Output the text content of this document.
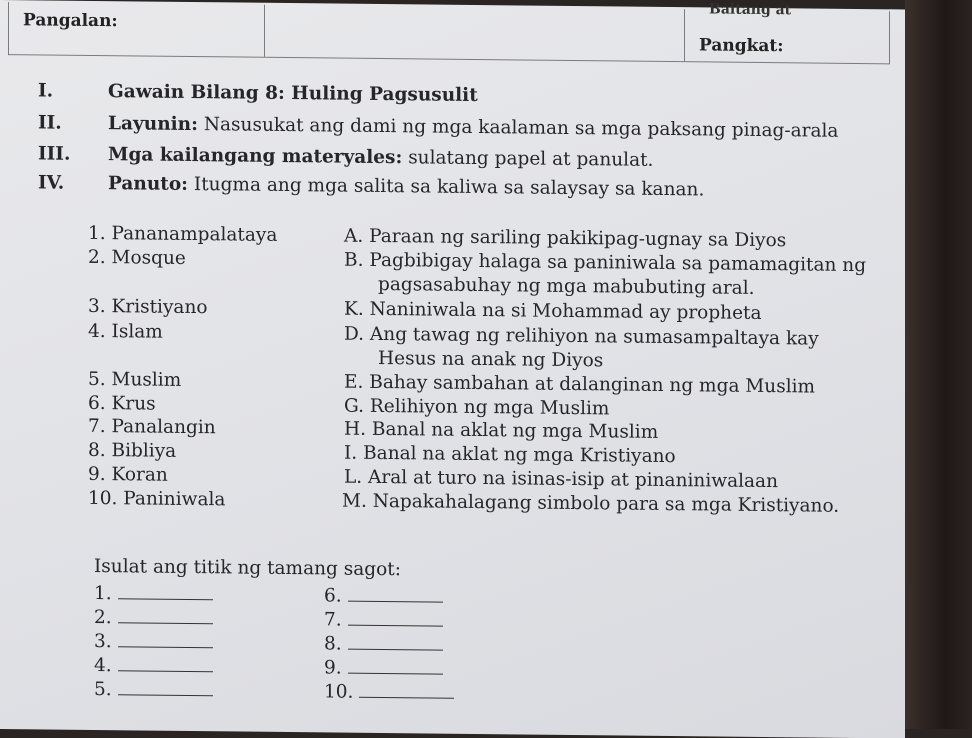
Pangalan:
Baitang at
Pangkat:
I.	Gawain Bilang 8: Huling Pagsusulit
II.	Layunin: Nasusukat ang dami ng mga kaalaman sa mga paksang pinag-arala
III. Mga kailangang materyales: sulatang papel at panulat.
IV. Panuto: Itugma ang mga salita sa kaliwa sa salaysay sa kanan.
1. Pananampalataya
2. Mosque
3. Kristiyano
4. Islam
5. Muslim
6. Krus
7. Panalangin
8. Bibliya
9. Koran
10. Paniniwala
A. Paraan ng sariling pakikipag-ugnay sa Diyos
B. Pagbibigay halaga sa paniniwala sa pamamagitan ng
pagsasabuhay ng mga mabubuting aral.
K. Naniniwala na si Mohammad ay propheta
D. Ang tawag ng relihiyon na sumasampaltaya kay
Hesus na anak ng Diyos
E. Bahay sambahan at dalanginan ng mga Muslim
G. Relihiyon ng mga Muslim
H. Banal na aklat ng mga Muslim
I. Banal na aklat ng mga Kristiyano
L. Aral at turo na isinas-isip at pinaniniwalaan
M. Napakahalagang simbolo para sa mga Kristiyano.
Isulat ang titik ng tamang sagot:
1.
2.
3.
4.
5.
6.
7.
8.
9.
10.
